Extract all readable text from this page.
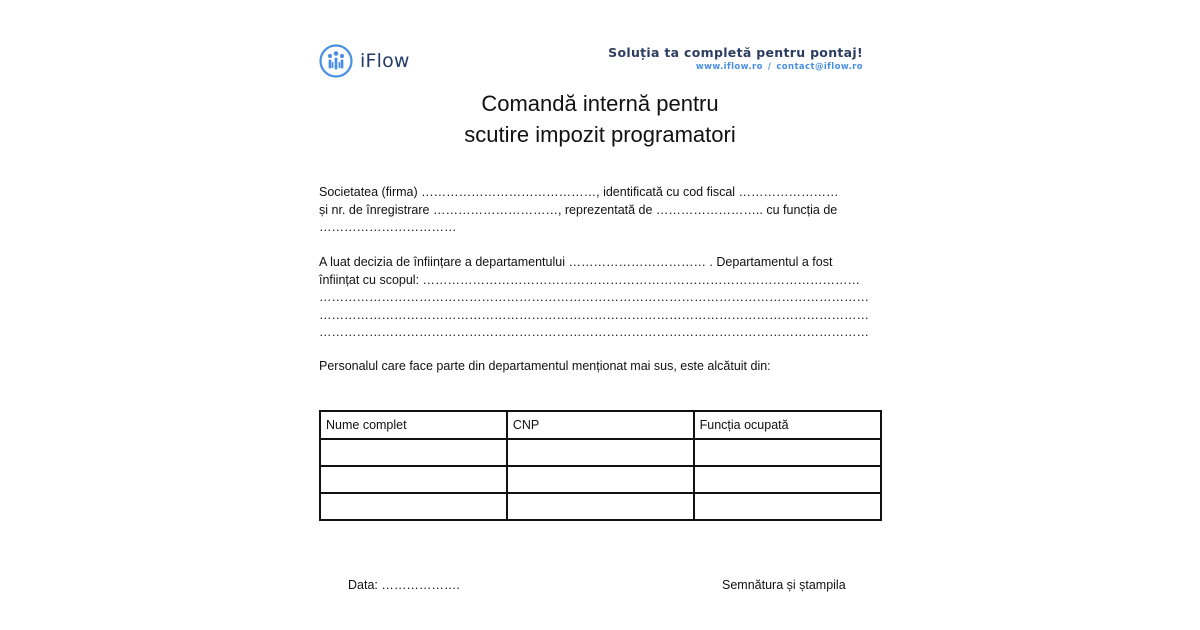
iFlow	Soluția ta completă pentru pontaj!
www.iflow.ro / contact@iflow.ro
Comandă internă pentru
scutire impozit programatori
Societatea (firma) ……………………………………, identificată cu cod fiscal ……………………
și nr. de înregistrare …………………………, reprezentată de …………………….. cu funcția de
……………………………
A luat decizia de înființare a departamentului …………………………… . Departamentul a fost
înființat cu scopul: ……………………………………………………………………………………………
……………………………………………………………………………………………………………………
……………………………………………………………………………………………………………………
……………………………………………………………………………………………………………………
Personalul care face parte din departamentul menționat mai sus, este alcătuit din:
Nume complet	CNP	Funcția ocupată

Data: ……………….	Semnătura și ștampila
